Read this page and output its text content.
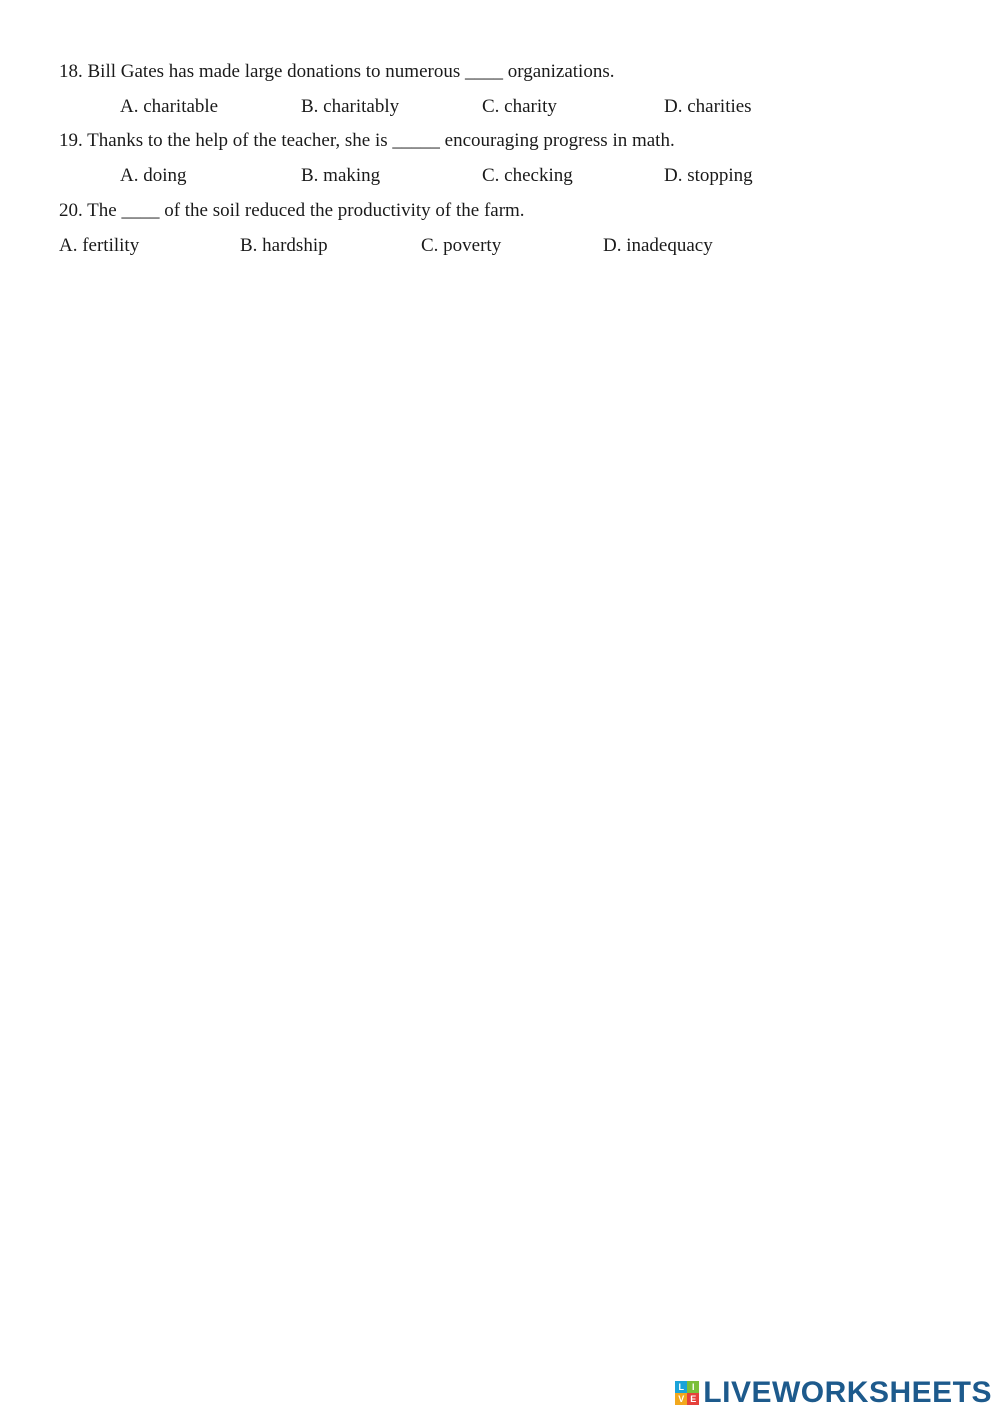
18. Bill Gates has made large donations to numerous ____ organizations.
A. charitable	B. charitably	C. charity	D. charities
19. Thanks to the help of the teacher, she is _____ encouraging progress in math.
A. doing	B. making	C. checking	D. stopping
20. The ____ of the soil reduced the productivity of the farm.
A. fertility	B. hardship	C. poverty	D. inadequacy
L I
V E LIVEWORKSHEETS
